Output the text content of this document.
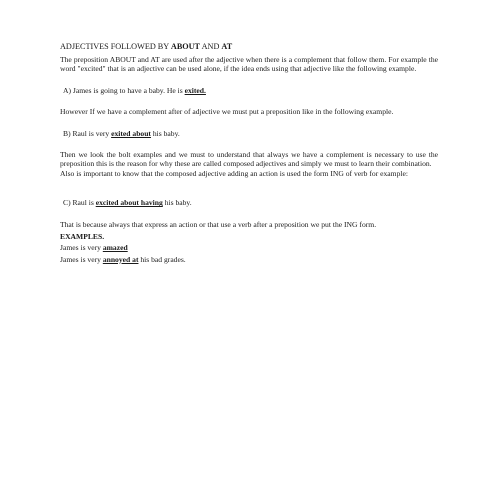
ADJECTIVES FOLLOWED BY ABOUT AND AT

The preposition ABOUT and AT are used after the adjective when there is a complement that follow them. For example the word "excited" that is an adjective can be used alone, if the idea ends using that adjective like the following example.

A) James is going to have a baby. He is exited.

However If we have a complement after of adjective we must put a preposition like in the following example.

B) Raul is very exited about his baby.

Then we look the bolt examples and we must to understand that always we have a complement is necessary to use the preposition this is the reason for why these are called composed adjectives and simply we must to learn their combination.

Also is important to know that the composed adjective adding an action is used the form ING of verb for example:

C) Raul is excited about having his baby.

That is because always that express an action or that use a verb after a preposition we put the ING form.

EXAMPLES.

James is very amazed

James is very annoyed at his bad grades.
